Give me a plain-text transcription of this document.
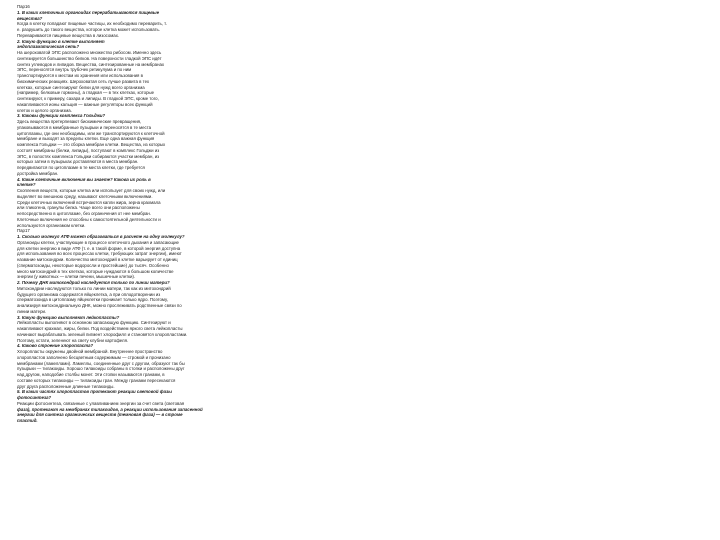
Пар16
1. В каких клеточных органоидах перерабатываются пищевые
вещества?
Когда в клетку попадают пищевые частицы, их необходимо переварить, т.
е. разрушить до такого вещества, которое клетка может использовать.
Перевариваются пищевые вещества в лизосомах.
2. Какую функцию в клетке выполняет
эндоплазматическая сеть?
На шероховатой ЭПС расположено множество рибосом. Именно здесь
синтезируется большинство белков. На поверхности гладкой ЭПС идёт
синтез углеводов и липидов. Вещества, синтезированные на мембранах
ЭПС, переносятся внутрь трубочек ретикулума и по ним
транспортируются к местам их хранения или использования в
биохимических реакциях. Шероховатая сеть лучше развита в тех
клетках, которые синтезируют белки для нужд всего организма
(например, белковые гормоны), а гладкая — в тех клетках, которые
синтезируют, к примеру, сахара и липиды. В гладкой ЭПС, кроме того,
накапливаются ионы кальция — важные регуляторы всех функций
клеток и целого организма.
3. Каковы функции комплекса Гольджи?
Здесь вещества претерпевают биохимические превращения,
упаковываются в мембранные пузырьки и переносятся в те места
цитоплазмы, где они необходимы, или же транспортируются к клеточной
мембране и выходят за пределы клетки. Еще одна важная функция
комплекса Гольджи — это сборка мембран клетки. Вещества, из которых
состоят мембраны (белки, липиды), поступают в комплекс Гольджи из
ЭПС, в полостях комплекса Гольджи собираются участки мембран, из
которых затем в пузырьках доставляются в места мембран.
передвигаются по цитоплазме в те места клетки, где требуется
достройка мембран.
4. Какие клеточные включения вы знаете? Какова их роль в
клетке?
Скопления веществ, которые клетка или использует для своих нужд, или
выделяет во внешнюю среду, называют клеточными включениями.
Среди клеточных включений встречаются капли жира, зерна крахмала
или гликогена, гранулы белка. Чаще всего они расположены
непосредственно в цитоплазме, без ограничения от нее мембран.
Клеточные включения не способны к самостоятельной деятельности и
используются организмом клетки.
Пар17
1. Сколько молекул АТФ может образоваться в расчете на одну молекулу?
Органоиды клетки, участвующие в процессе клеточного дыхания и запасающие
для клетки энергию в виде АТФ (т. е. в такой форме, в которой энергия доступна
для использования во всех процессах клетки, требующих затрат энергии), имеют
название митохондрии. Количество митохондрий в клетке варьирует от единиц
(сперматозоиды, некоторые водоросли и простейшие) до тысяч. Особенно
много митохондрий в тех клетках, которые нуждаются в большом количестве
энергии (у животных — клетки печени, мышечные клетки).
2. Почему ДНК митохондрий наследуется только по линии матери?
Митохондрии наследуются только по линии матери, так как из митохондрий
будущего организма содержатся яйцеклетка, а при оплодотворении из
сперматозоида в цитоплазму яйцеклетки проникает только ядро. Поэтому,
анализируя митохондриальную ДНК, можно прослеживать родственные связи по
линии матери.
3. Какую функцию выполняют лейкопласты?
Лейкопласты выполняют в основном запасающую функцию. Синтезируют и
накапливают крахмал, жиры, белки. Под воздействием яркого света лейкопласты
начинают вырабатывать зеленый пигмент хлорофилл и становятся хлоропластами.
Поэтому, кстати, зеленеют на свету клубни картофеля.
4. Каково строение хлоропласта?
Хлоропласты окружены двойной мембраной. Внутреннее пространство
хлоропластов заполнено бесцветным содержимым — стромой и пронизано
мембранами (ламеллами). Ламеллы, соединенные друг с другом, образуют так бы
пузырьки — тилакоиды. Хорошо тилакоиды собраны в стопки и расположены друг
над другом, наподобие столбы монет. Эти стопки называются гранами, в
составе которых тилакоиды — тилакоиды гран. Между гранами пересекаются
друг друга расположенные длинные тилакоиды.
5. В каких частях хлоропластов протекают реакции световой фазы
фотосинтеза?
Реакции фотосинтеза, связанные с улавливанием энергии за счет света (световая
фаза), протекают на мембранах тилакоидов, а реакции использования запасенной
энергии для синтеза органических веществ (темновая фаза) — в строме
пластид.
